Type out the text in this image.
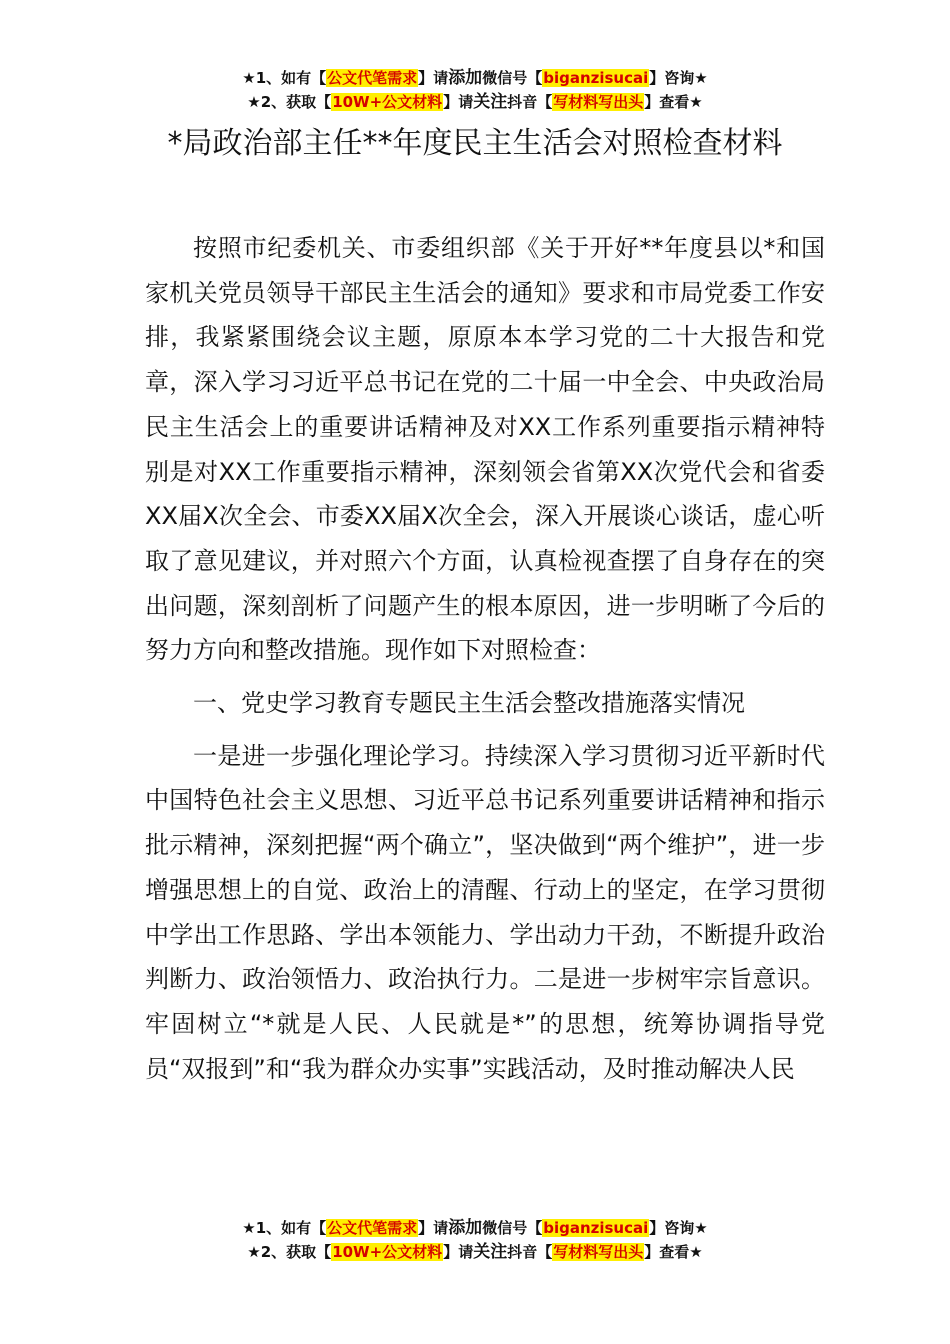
★1、如有【公文代笔需求】请添加微信号【biganzisucai】咨询★
★2、获取【10W+公文材料】请关注抖音【写材料写出头】查看★
*局政治部主任**年度民主生活会对照检查材料

按照市纪委机关、市委组织部《关于开好**年度县以*和国家机关党员领导干部民主生活会的通知》要求和市局党委工作安排，我紧紧围绕会议主题，原原本本学习党的二十大报告和党章，深入学习习近平总书记在党的二十届一中全会、中央政治局民主生活会上的重要讲话精神及对XX工作系列重要指示精神特别是对XX工作重要指示精神，深刻领会省第XX次党代会和省委XX届X次全会、市委XX届X次全会，深入开展谈心谈话，虚心听取了意见建议，并对照六个方面，认真检视查摆了自身存在的突出问题，深刻剖析了问题产生的根本原因，进一步明晰了今后的努力方向和整改措施。现作如下对照检查：

一、党史学习教育专题民主生活会整改措施落实情况

一是进一步强化理论学习。持续深入学习贯彻习近平新时代中国特色社会主义思想、习近平总书记系列重要讲话精神和指示批示精神，深刻把握“两个确立”，坚决做到“两个维护”，进一步增强思想上的自觉、政治上的清醒、行动上的坚定，在学习贯彻中学出工作思路、学出本领能力、学出动力干劲，不断提升政治判断力、政治领悟力、政治执行力。二是进一步树牢宗旨意识。牢固树立“*就是人民、人民就是*”的思想，统筹协调指导党员“双报到”和“我为群众办实事”实践活动，及时推动解决人民

★1、如有【公文代笔需求】请添加微信号【biganzisucai】咨询★
★2、获取【10W+公文材料】请关注抖音【写材料写出头】查看★
